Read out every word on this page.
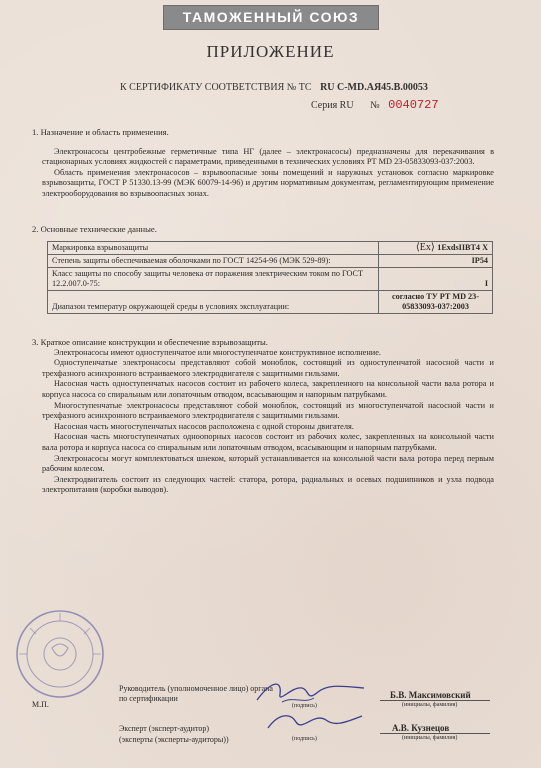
ТАМОЖЕННЫЙ СОЮЗ
ПРИЛОЖЕНИЕ
К СЕРТИФИКАТУ СООТВЕТСТВИЯ № ТС RU C-MD.АЯ45.В.00053
Серия RU № 0040727
1. Назначение и область применения.

Электронасосы центробежные герметичные типа НГ (далее – электронасосы) предназначены для перекачивания в стационарных условиях жидкостей с параметрами, приведенными в технических условиях РТ MD 23-05833093-037:2003.

Область применения электронасосов – взрывоопасные зоны помещений и наружных установок согласно маркировке взрывозащиты, ГОСТ Р 51330.13-99 (МЭК 60079-14-96) и другим нормативным документам, регламентирующим применение электрооборудования во взрывоопасных зонах.

2. Основные технические данные.
Маркировка взрывозащиты	⟨Ex⟩ 1ExdsIIBT4 X
Степень защиты обеспечиваемая оболочками по ГОСТ 14254-96 (МЭК 529-89):	IP54
Класс защиты по способу защиты человека от поражения электрическим током по ГОСТ 12.2.007.0-75:	I
Диапазон температур окружающей среды в условиях эксплуатации:	согласно ТУ РТ MD 23-05833093-037:2003
3. Краткое описание конструкции и обеспечение взрывозащиты.

Электронасосы имеют одноступенчатое или многоступенчатое конструктивное исполнение.

Одноступенчатые электронасосы представляют собой моноблок, состоящий из одноступенчатой насосной части и трехфазного асинхронного встраиваемого электродвигателя с защитными гильзами.

Насосная часть одноступенчатых насосов состоит из рабочего колеса, закрепленного на консольной части вала ротора и корпуса насоса со спиральным или лопаточным отводом, всасывающим и напорным патрубками.

Многоступенчатые электронасосы представляют собой моноблок, состоящий из многоступенчатой насосной части и трехфазного асинхронного встраиваемого электродвигателя с защитными гильзами.

Насосная часть многоступенчатых насосов расположена с одной стороны двигателя.

Насосная часть многоступенчатых одноопорных насосов состоит из рабочих колес, закрепленных на консольной части вала ротора и корпуса насоса со спиральным или лопаточным отводом, всасывающим и напорным патрубками.

Электронасосы могут комплектоваться шнеком, который устанавливается на консольной части вала ротора перед первым рабочим колесом.

Электродвигатель состоит из следующих частей: статора, ротора, радиальных и осевых подшипников и узла подвода электропитания (коробки выводов).

М.П.
Руководитель (уполномоченное лицо) органа по сертификации
(подпись)
Б.В. Максимовский
(инициалы, фамилия)
Эксперт (эксперт-аудитор)
(эксперты (эксперты-аудиторы))	(подпись)
А.В. Кузнецов
(инициалы, фамилия)
